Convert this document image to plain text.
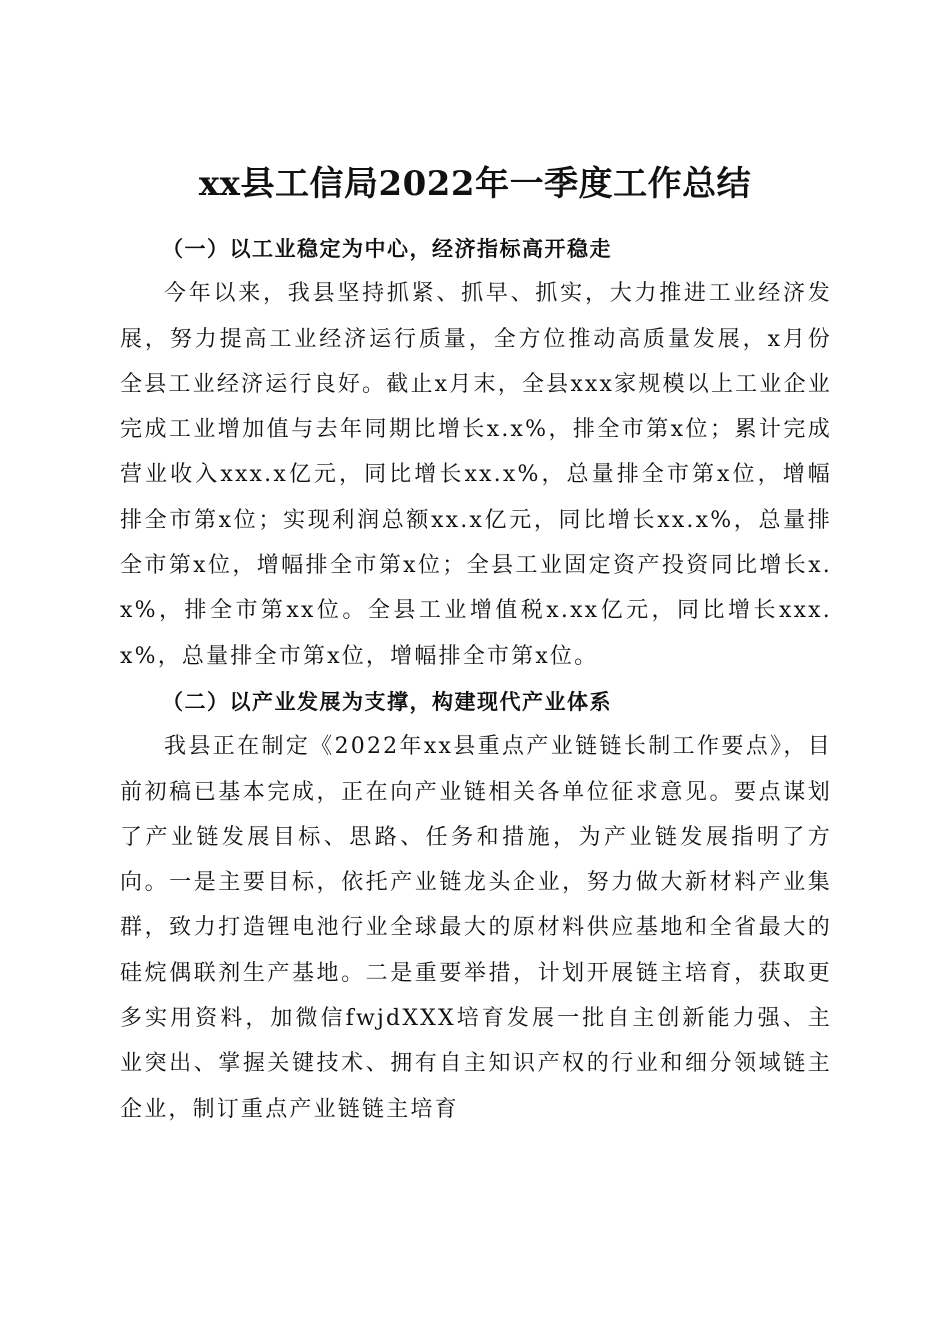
xx县工信局2022年一季度工作总结

（一）以工业稳定为中心，经济指标高开稳走

今年以来，我县坚持抓紧、抓早、抓实，大力推进工业经济发展，努力提高工业经济运行质量，全方位推动高质量发展，x月份全县工业经济运行良好。截止x月末，全县xxx家规模以上工业企业完成工业增加值与去年同期比增长x.x%，排全市第x位；累计完成营业收入xxx.x亿元，同比增长xx.x%，总量排全市第x位，增幅排全市第x位；实现利润总额xx.x亿元，同比增长xx.x%，总量排全市第x位，增幅排全市第x位；全县工业固定资产投资同比增长x.x%，排全市第xx位。全县工业增值税x.xx亿元，同比增长xxx.x%，总量排全市第x位，增幅排全市第x位。

（二）以产业发展为支撑，构建现代产业体系

我县正在制定《2022年xx县重点产业链链长制工作要点》，目前初稿已基本完成，正在向产业链相关各单位征求意见。要点谋划了产业链发展目标、思路、任务和措施，为产业链发展指明了方向。一是主要目标，依托产业链龙头企业，努力做大新材料产业集群，致力打造锂电池行业全球最大的原材料供应基地和全省最大的硅烷偶联剂生产基地。二是重要举措，计划开展链主培育，获取更多实用资料，加微信fwjdXXX培育发展一批自主创新能力强、主业突出、掌握关键技术、拥有自主知识产权的行业和细分领域链主企业，制订重点产业链链主培育
